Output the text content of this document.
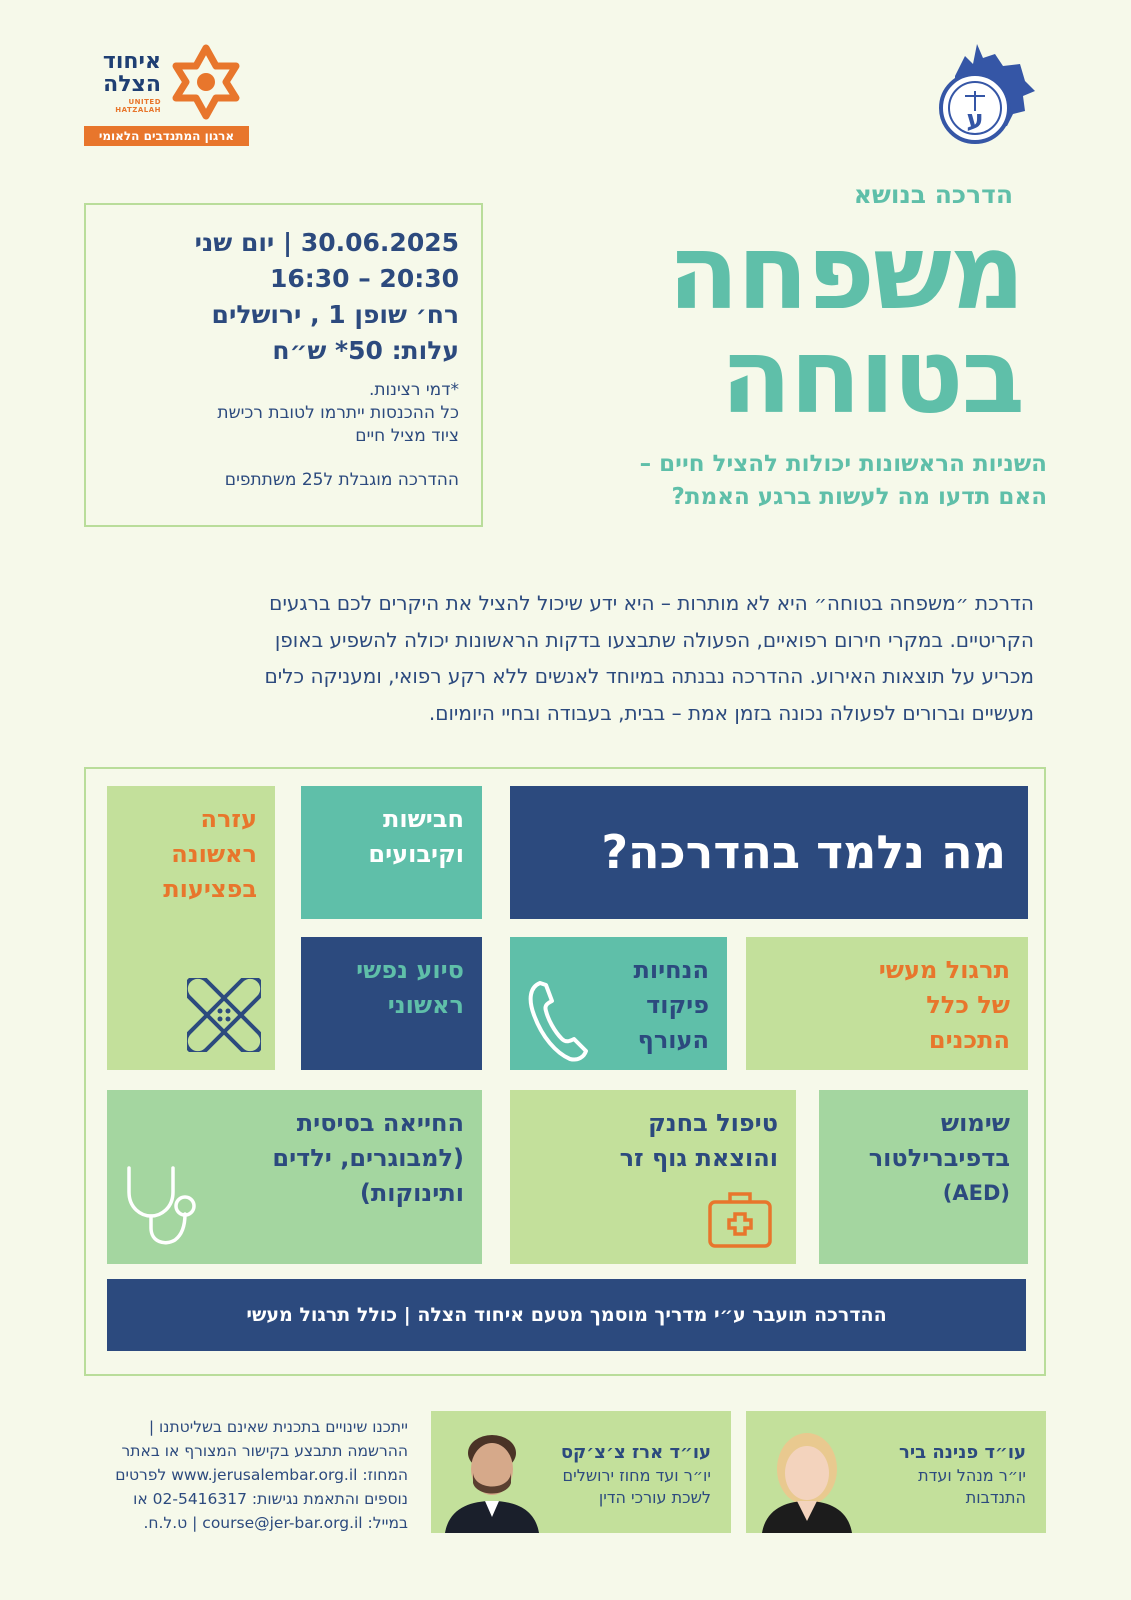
ע
איחוד
הצלה
UNITED HATZALAH
ארגון המתנדבים הלאומי
הדרכה בנושא
משפחה
בטוחה
השניות הראשונות יכולות להציל חיים –
האם תדעו מה לעשות ברגע האמת?
30.06.2025 | יום שני
16:30 – 20:30
רח׳ שופן 1 , ירושלים
עלות: 50* ש״ח
*דמי רצינות.
כל ההכנסות ייתרמו לטובת רכישת
ציוד מציל חיים
ההדרכה מוגבלת ל25 משתתפים
הדרכת ״משפחה בטוחה״ היא לא מותרות – היא ידע שיכול להציל את היקרים לכם ברגעים
הקריטיים. במקרי חירום רפואיים, הפעולה שתבצעו בדקות הראשונות יכולה להשפיע באופן
מכריע על תוצאות האירוע. ההדרכה נבנתה במיוחד לאנשים ללא רקע רפואי, ומעניקה כלים
מעשיים וברורים לפעולה נכונה בזמן אמת – בבית, בעבודה ובחיי היומיום.
מה נלמד בהדרכה?
חבישות
וקיבועים
עזרה
ראשונה
בפציעות
תרגול מעשי
של כלל
התכנים
הנחיות
פיקוד
העורף
סיוע נפשי
ראשוני
שימוש
בדפיברילטור
(AED)
טיפול בחנק
והוצאת גוף זר
החייאה בסיסית
(למבוגרים, ילדים
ותינוקות)
ההדרכה תועבר ע״י מדריך מוסמך מטעם איחוד הצלה | כולל תרגול מעשי
עו״ד פנינה ביר
יו״ר מנהל ועדת
התנדבות
עו״ד ארז צ׳צ׳קס
יו״ר ועד מחוז ירושלים
לשכת עורכי הדין
ייתכנו שינויים בתכנית שאינם בשליטתנו |
ההרשמה תתבצע בקישור המצורף או באתר
המחוז: www.jerusalembar.org.il לפרטים
נוספים והתאמת נגישות: 02-5416317 או
במייל: course@jer-bar.org.il | ט.ל.ח.
